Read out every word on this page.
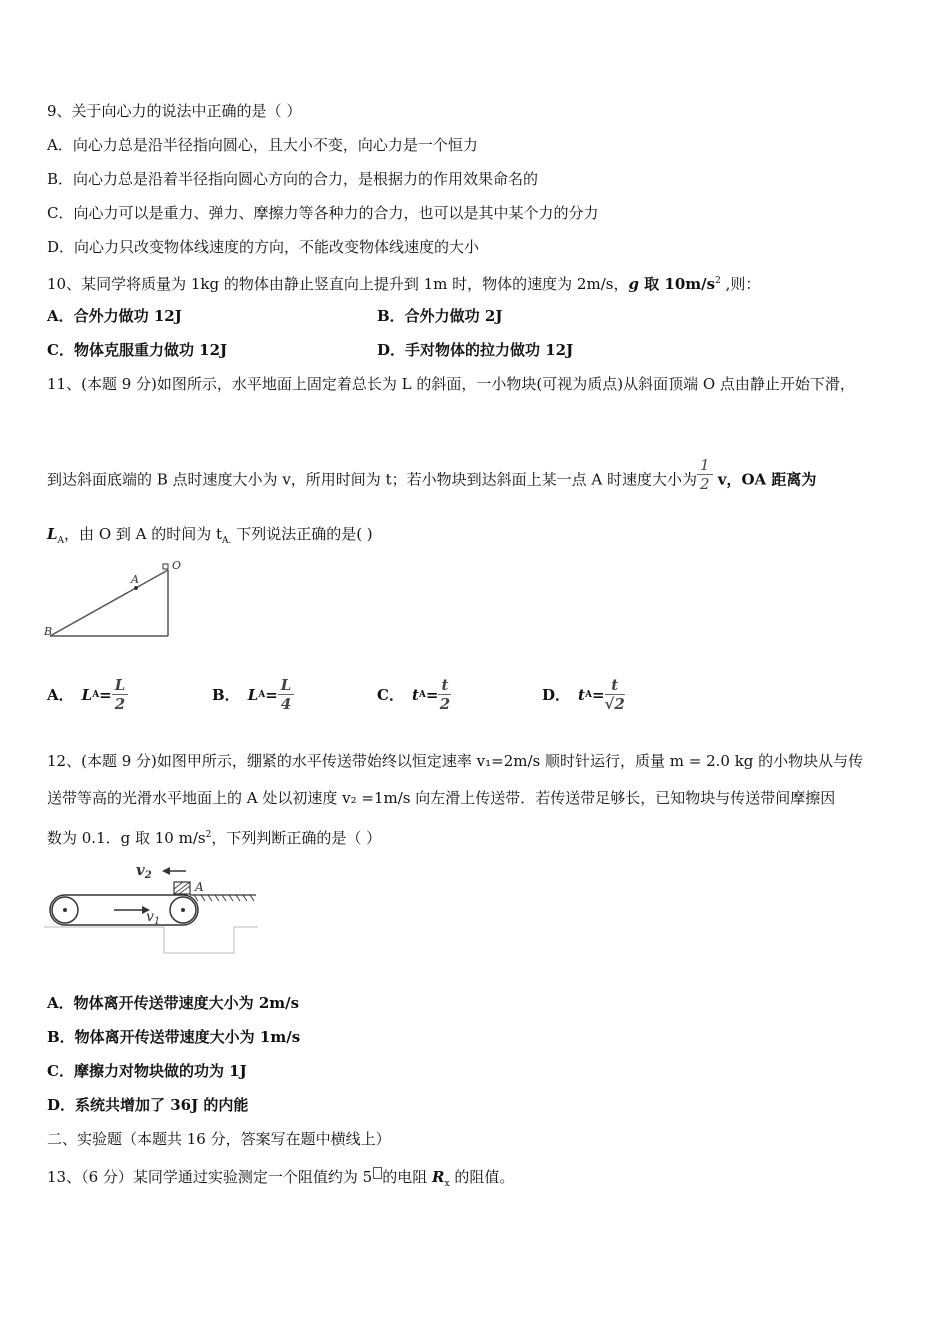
9、关于向心力的说法中正确的是（ ）
A．向心力总是沿半径指向圆心，且大小不变，向心力是一个恒力
B．向心力总是沿着半径指向圆心方向的合力，是根据力的作用效果命名的
C．向心力可以是重力、弹力、摩擦力等各种力的合力，也可以是其中某个力的分力
D．向心力只改变物体线速度的方向，不能改变物体线速度的大小
10、某同学将质量为 1kg 的物体由静止竖直向上提升到 1m 时，物体的速度为 2m/s，g 取 $10m/s^2$ ,则：
A．合外力做功 12J	B．合外力做功 2J
C．物体克服重力做功 12J	D．手对物体的拉力做功 12J
11、(本题 9 分)如图所示，水平地面上固定着总长为 L 的斜面，一小物块(可视为质点)从斜面顶端 O 点由静止开始下滑，
到达斜面底端的 B 点时速度大小为 v，所用时间为 t；若小物块到达斜面上某一点 A 时速度大小为 $\frac{1}{2}$ v，OA 距离为
$L_A$，由 O 到 A 的时间为 $t_{A.}$ 下列说法正确的是( )
B
A
O
A． L $A = \frac{L}{2}$	B． L $A = \frac{L}{4}$	C． t $A = \frac{t}{2}$	D． t $A = \frac{t}{√2}$
12、(本题 9 分)如图甲所示，绷紧的水平传送带始终以恒定速率 v₁=2m/s 顺时针运行，质量 m = 2.0 kg 的小物块从与传
送带等高的光滑水平地面上的 A 处以初速度 v₂ =1m/s 向左滑上传送带．若传送带足够长，已知物块与传送带间摩擦因
数为 0.1．g 取 10 $m/s^2$，下列判断正确的是（ ）
$v_1$
A
$v_2$
A．物体离开传送带速度大小为 2m/s
B．物体离开传送带速度大小为 1m/s
C．摩擦力对物块做的功为 1J
D．系统共增加了 36J 的内能
二、实验题（本题共 16 分，答案写在题中横线上）
13、（6 分）某同学通过实验测定一个阻值约为 5 的电阻 $R_x$ 的阻值。
